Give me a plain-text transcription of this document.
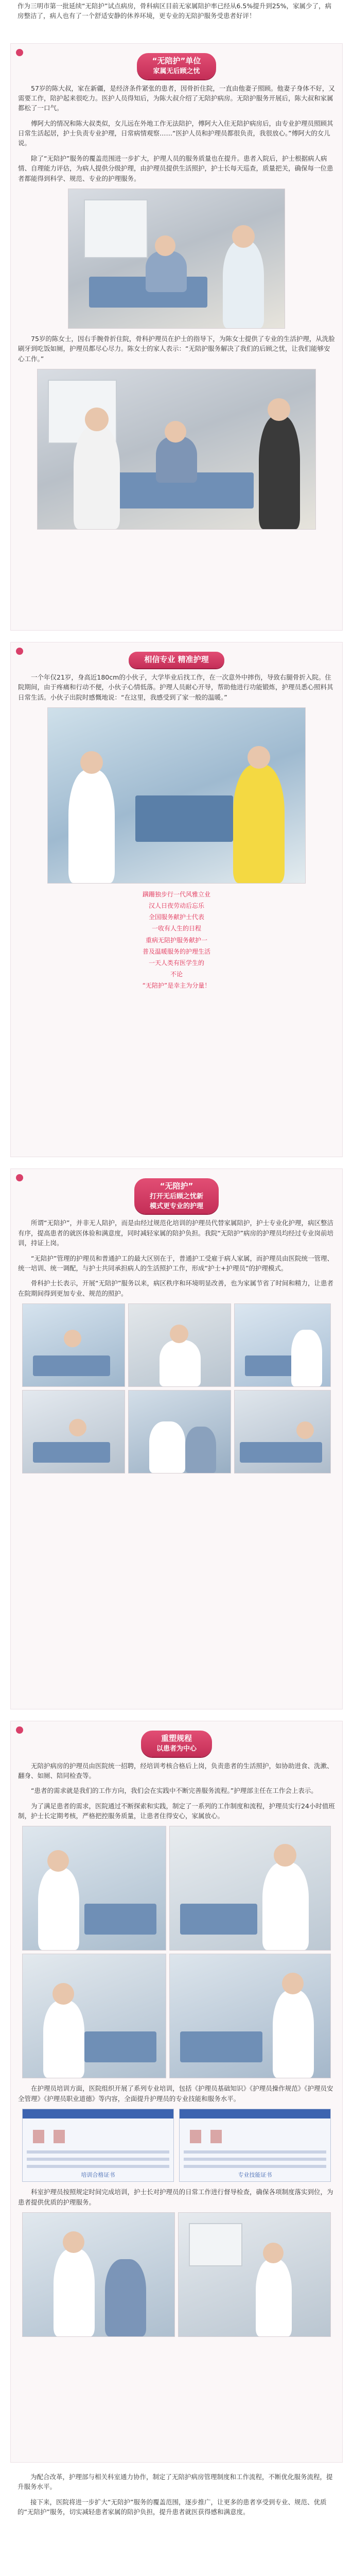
作为三明市第一批延续“无陪护”试点病房，骨科病区目前无家属陪护率已经从6.5%提升到25%，家属少了，病房整洁了，病人也有了一个舒适安静的休养环境，更专业的无陪护服务受患者好评！

“无陪护”单位
家属无后顾之忧

57岁的陈大叔，家在新疆，是经济条件紧张的患者，因骨折住院，一直由他妻子照顾。他妻子身体不好，又需要工作，陪护起来很吃力。医护人员得知后，为陈大叔介绍了无陪护病房。无陪护服务开展后，陈大叔和家属都松了一口气。

傅阿大的情况和陈大叔类似，女儿远在外地工作无法陪护，傅阿大入住无陪护病房后，由专业护理员照顾其日常生活起居，护士负责专业护理，日常病情观察……“医护人员和护理员都很负责，我很放心。”傅阿大的女儿说。

除了“无陪护”服务的覆盖范围进一步扩大，护理人员的服务质量也在提升。患者入院后，护士根据病人病情、自理能力评估，为病人提供分级护理，由护理员提供生活照护，护士长每天巡查，质量把关，确保每一位患者都能得到科学、规范、专业的护理服务。

75岁的陈女士，因右手腕骨折住院，骨科护理员在护士的指导下，为陈女士提供了专业的生活护理，从洗脸刷牙到吃饭如厕，护理员都尽心尽力。陈女士的家人表示：“无陪护服务解决了我们的后顾之忧，让我们能够安心工作。”

相信专业 精准护理

一个年仅21岁，身高近180cm的小伙子，大学毕业后找工作，在一次意外中摔伤，导致右腿骨折入院。住院期间，由于疼痛和行动不便，小伙子心情低落。护理人员耐心开导，帮助他进行功能锻炼，护理员悉心照料其日常生活。小伙子出院时感慨地说：“在这里，我感受到了家一般的温暖。”

蹒跚独步行一代风雅立业
汉人日夜劳动后忘乐
全国服务献护士代表
一收有人生的日程
重病无陪护服务献护一
普及温暖服务的护理生活
一天人类有医学生的
不论
“无陪护”是幸主为分量！
“无陪护”
打开无后顾之忧新
模式更专业的护理

所谓“无陪护”，并非无人陪护，而是由经过规范化培训的护理员代替家属陪护，护士专业化护理，病区整洁有序，提高患者的就医体验和满意度，同时减轻家属的陪护负担。我院“无陪护”病房的护理员均经过专业岗前培训，持证上岗。

“无陪护”管理的护理员和普通护工的最大区别在于，普通护工受雇于病人家属，而护理员由医院统一管理、统一培训、统一调配，与护士共同承担病人的生活照护工作，形成“护士+护理员”的护理模式。

骨科护士长表示，开展“无陪护”服务以来，病区秩序和环境明显改善，也为家属节省了时间和精力，让患者在院期间得到更加专业、规范的照护。

重塑规程
以患者为中心

无陪护病房的护理员由医院统一招聘，经培训考核合格后上岗，负责患者的生活照护，如协助进食、洗漱、翻身、如厕、陪同检查等。

“患者的需求就是我们的工作方向，我们会在实践中不断完善服务流程。”护理部主任在工作会上表示。

为了满足患者的需求，医院通过不断探索和实践，制定了一系列的工作制度和流程，护理员实行24小时值班制，护士长定期考核，严格把控服务质量，让患者住得安心，家属放心。

在护理员培训方面，医院组织开展了系列专业培训，包括《护理员基础知识》《护理员操作规范》《护理员安全管理》《护理员职业道德》等内容，全面提升护理员的专业技能和服务水平。

培训合格证书	专业技能证书

科室护理员按照规定时间完成培训，护士长对护理员的日常工作进行督导检查，确保各项制度落实到位，为患者提供优质的护理服务。

为配合改革，护理部与相关科室通力协作，制定了无陪护病房管理制度和工作流程，不断优化服务流程，提升服务水平。

接下来，医院将进一步扩大“无陪护”服务的覆盖范围，逐步推广，让更多的患者享受到专业、规范、优质的“无陪护”服务，切实减轻患者家属的陪护负担，提升患者就医获得感和满意度。
